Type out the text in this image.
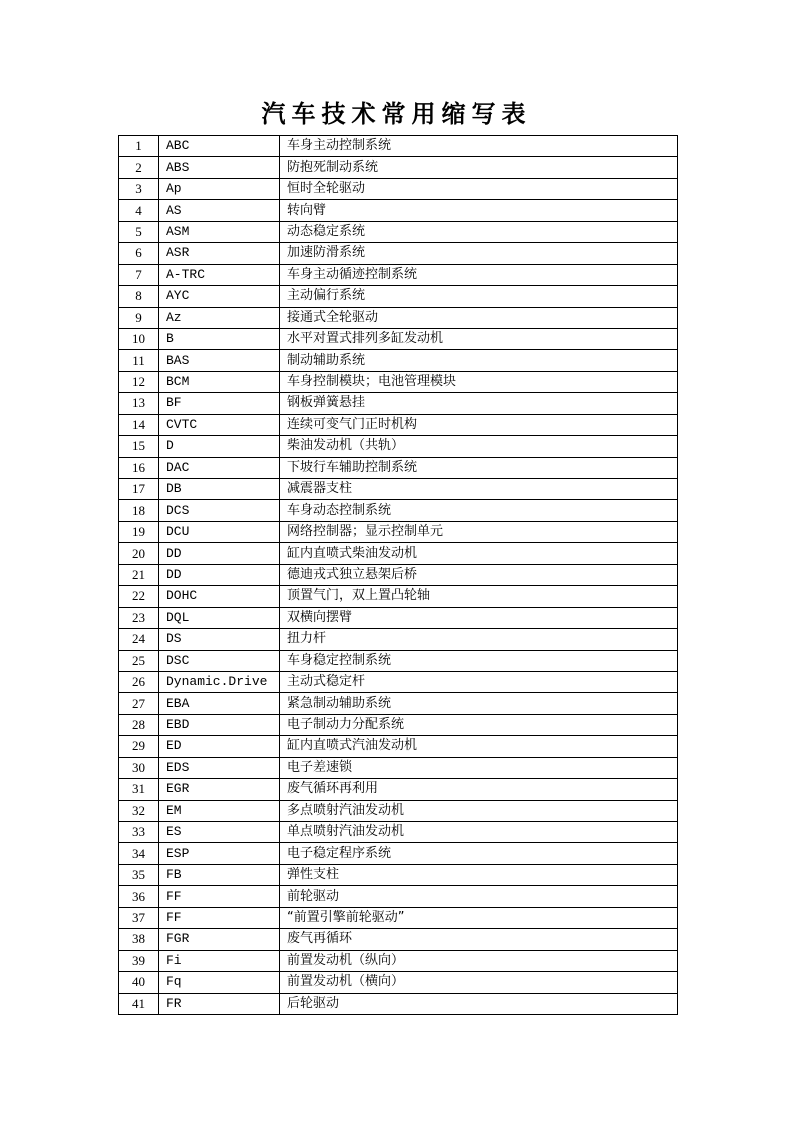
汽车技术常用缩写表
1	ABC	车身主动控制系统
2	ABS	防抱死制动系统
3	Ap	恒时全轮驱动
4	AS	转向臂
5	ASM	动态稳定系统
6	ASR	加速防滑系统
7	A-TRC	车身主动循迹控制系统
8	AYC	主动偏行系统
9	Az	接通式全轮驱动
10	B	水平对置式排列多缸发动机
11	BAS	制动辅助系统
12	BCM	车身控制模块；电池管理模块
13	BF	钢板弹簧悬挂
14	CVTC	连续可变气门正时机构
15	D	柴油发动机（共轨）
16	DAC	下坡行车辅助控制系统
17	DB	减震器支柱
18	DCS	车身动态控制系统
19	DCU	网络控制器；显示控制单元
20	DD	缸内直喷式柴油发动机
21	DD	德迪戎式独立悬架后桥
22	DOHC	顶置气门，双上置凸轮轴
23	DQL	双横向摆臂
24	DS	扭力杆
25	DSC	车身稳定控制系统
26	Dynamic.Drive	主动式稳定杆
27	EBA	紧急制动辅助系统
28	EBD	电子制动力分配系统
29	ED	缸内直喷式汽油发动机
30	EDS	电子差速锁
31	EGR	废气循环再利用
32	EM	多点喷射汽油发动机
33	ES	单点喷射汽油发动机
34	ESP	电子稳定程序系统
35	FB	弹性支柱
36	FF	前轮驱动
37	FF	“前置引擎前轮驱动”
38	FGR	废气再循环
39	Fi	前置发动机（纵向）
40	Fq	前置发动机（横向）
41	FR	后轮驱动
